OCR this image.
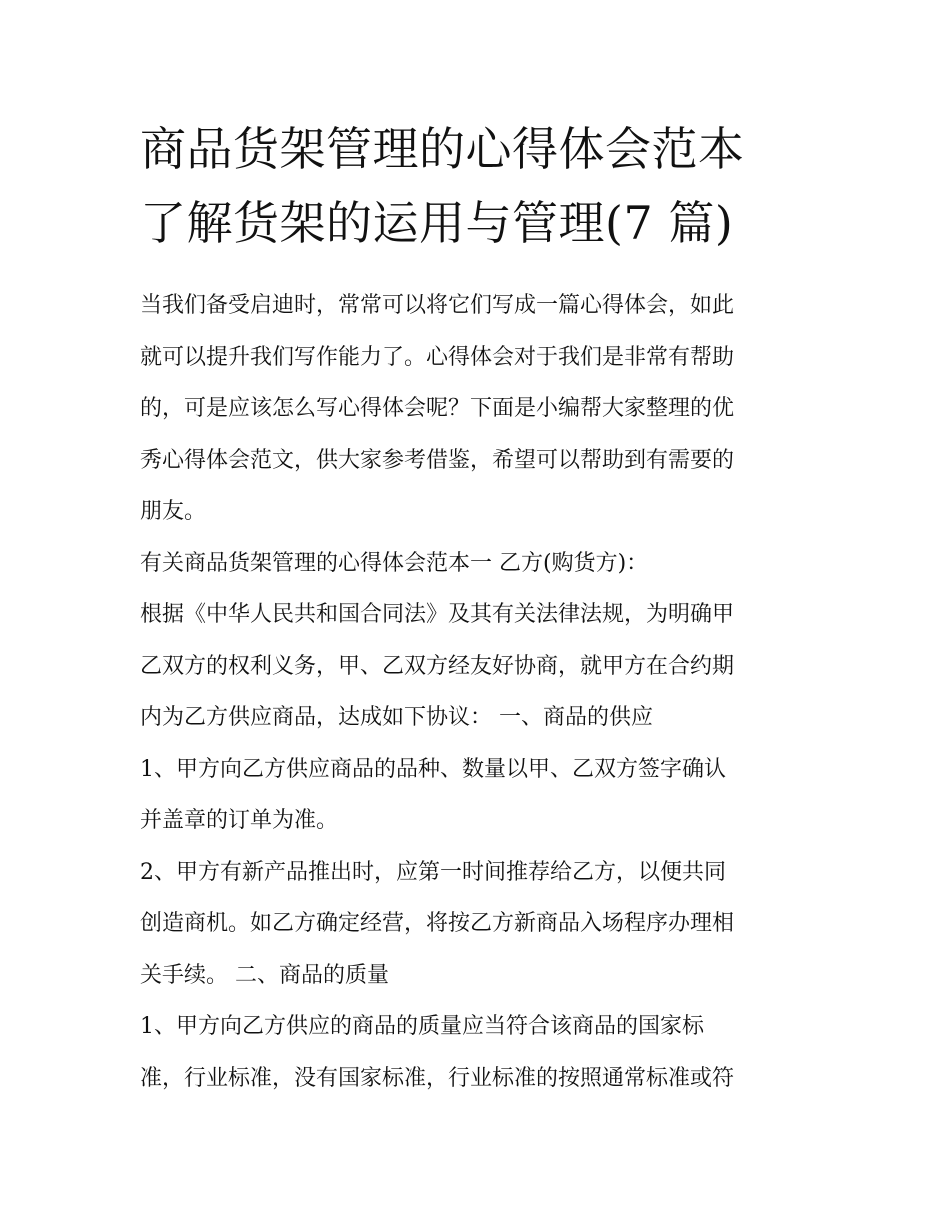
商品货架管理的心得体会范本
了解货架的运用与管理(7 篇)
当我们备受启迪时，常常可以将它们写成一篇心得体会，如此
就可以提升我们写作能力了。心得体会对于我们是非常有帮助
的，可是应该怎么写心得体会呢？下面是小编帮大家整理的优
秀心得体会范文，供大家参考借鉴，希望可以帮助到有需要的
朋友。
有关商品货架管理的心得体会范本一 乙方(购货方)：
根据《中华人民共和国合同法》及其有关法律法规，为明确甲
乙双方的权利义务，甲、乙双方经友好协商，就甲方在合约期
内为乙方供应商品，达成如下协议： 一、商品的供应
1、甲方向乙方供应商品的品种、数量以甲、乙双方签字确认
并盖章的订单为准。
2、甲方有新产品推出时，应第一时间推荐给乙方，以便共同
创造商机。如乙方确定经营，将按乙方新商品入场程序办理相
关手续。 二、商品的质量
1、甲方向乙方供应的商品的质量应当符合该商品的国家标
准，行业标准，没有国家标准，行业标准的按照通常标准或符
